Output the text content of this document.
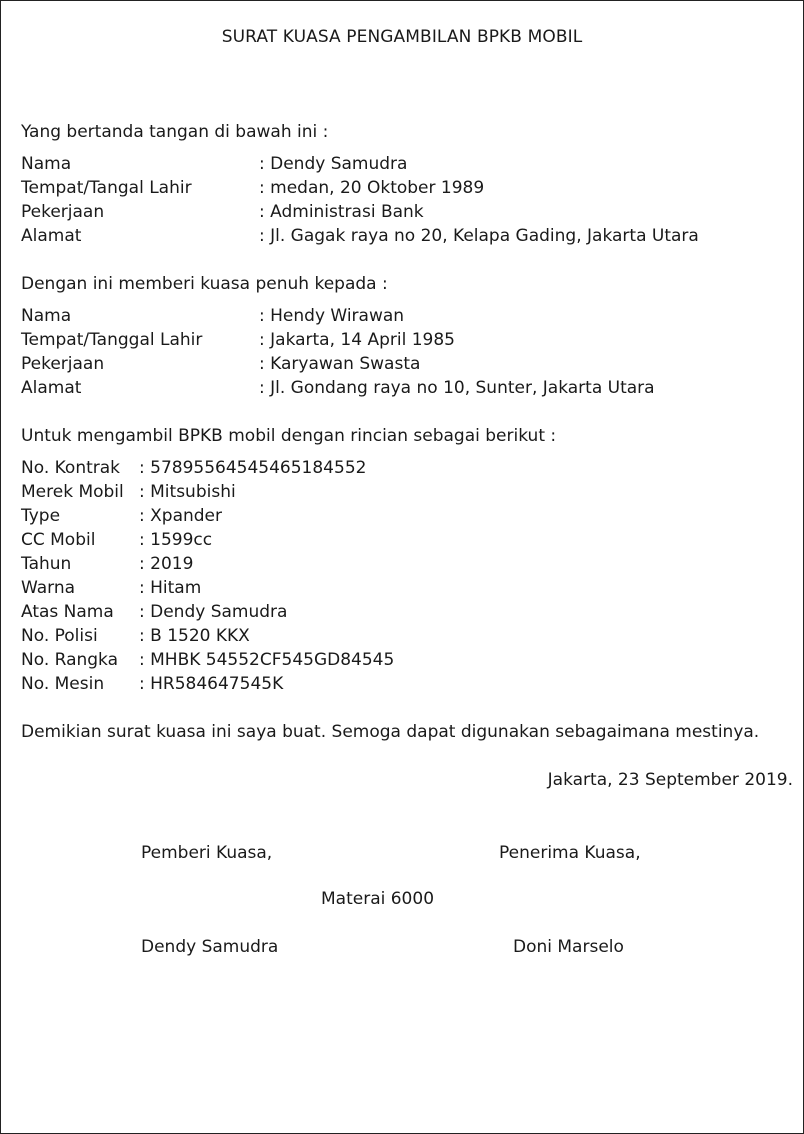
SURAT KUASA PENGAMBILAN BPKB MOBIL
Yang bertanda tangan di bawah ini :
Nama	: Dendy Samudra
Tempat/Tangal Lahir	: medan, 20 Oktober 1989
Pekerjaan	: Administrasi Bank
Alamat	: Jl. Gagak raya no 20, Kelapa Gading, Jakarta Utara
Dengan ini memberi kuasa penuh kepada :
Nama	: Hendy Wirawan
Tempat/Tanggal Lahir	: Jakarta, 14 April 1985
Pekerjaan	: Karyawan Swasta
Alamat	: Jl. Gondang raya no 10, Sunter, Jakarta Utara
Untuk mengambil BPKB mobil dengan rincian sebagai berikut :
No. Kontrak : 57895564545465184552
Merek Mobil : Mitsubishi
Type	: Xpander
CC Mobil	: 1599cc
Tahun	: 2019
Warna	: Hitam
Atas Nama : Dendy Samudra
No. Polisi : B 1520 KKX
No. Rangka : MHBK 54552CF545GD84545
No. Mesin : HR584647545K
Demikian surat kuasa ini saya buat. Semoga dapat digunakan sebagaimana mestinya.
Jakarta, 23 September 2019.
Pemberi Kuasa,	Penerima Kuasa,
Materai 6000
Dendy Samudra	Doni Marselo
